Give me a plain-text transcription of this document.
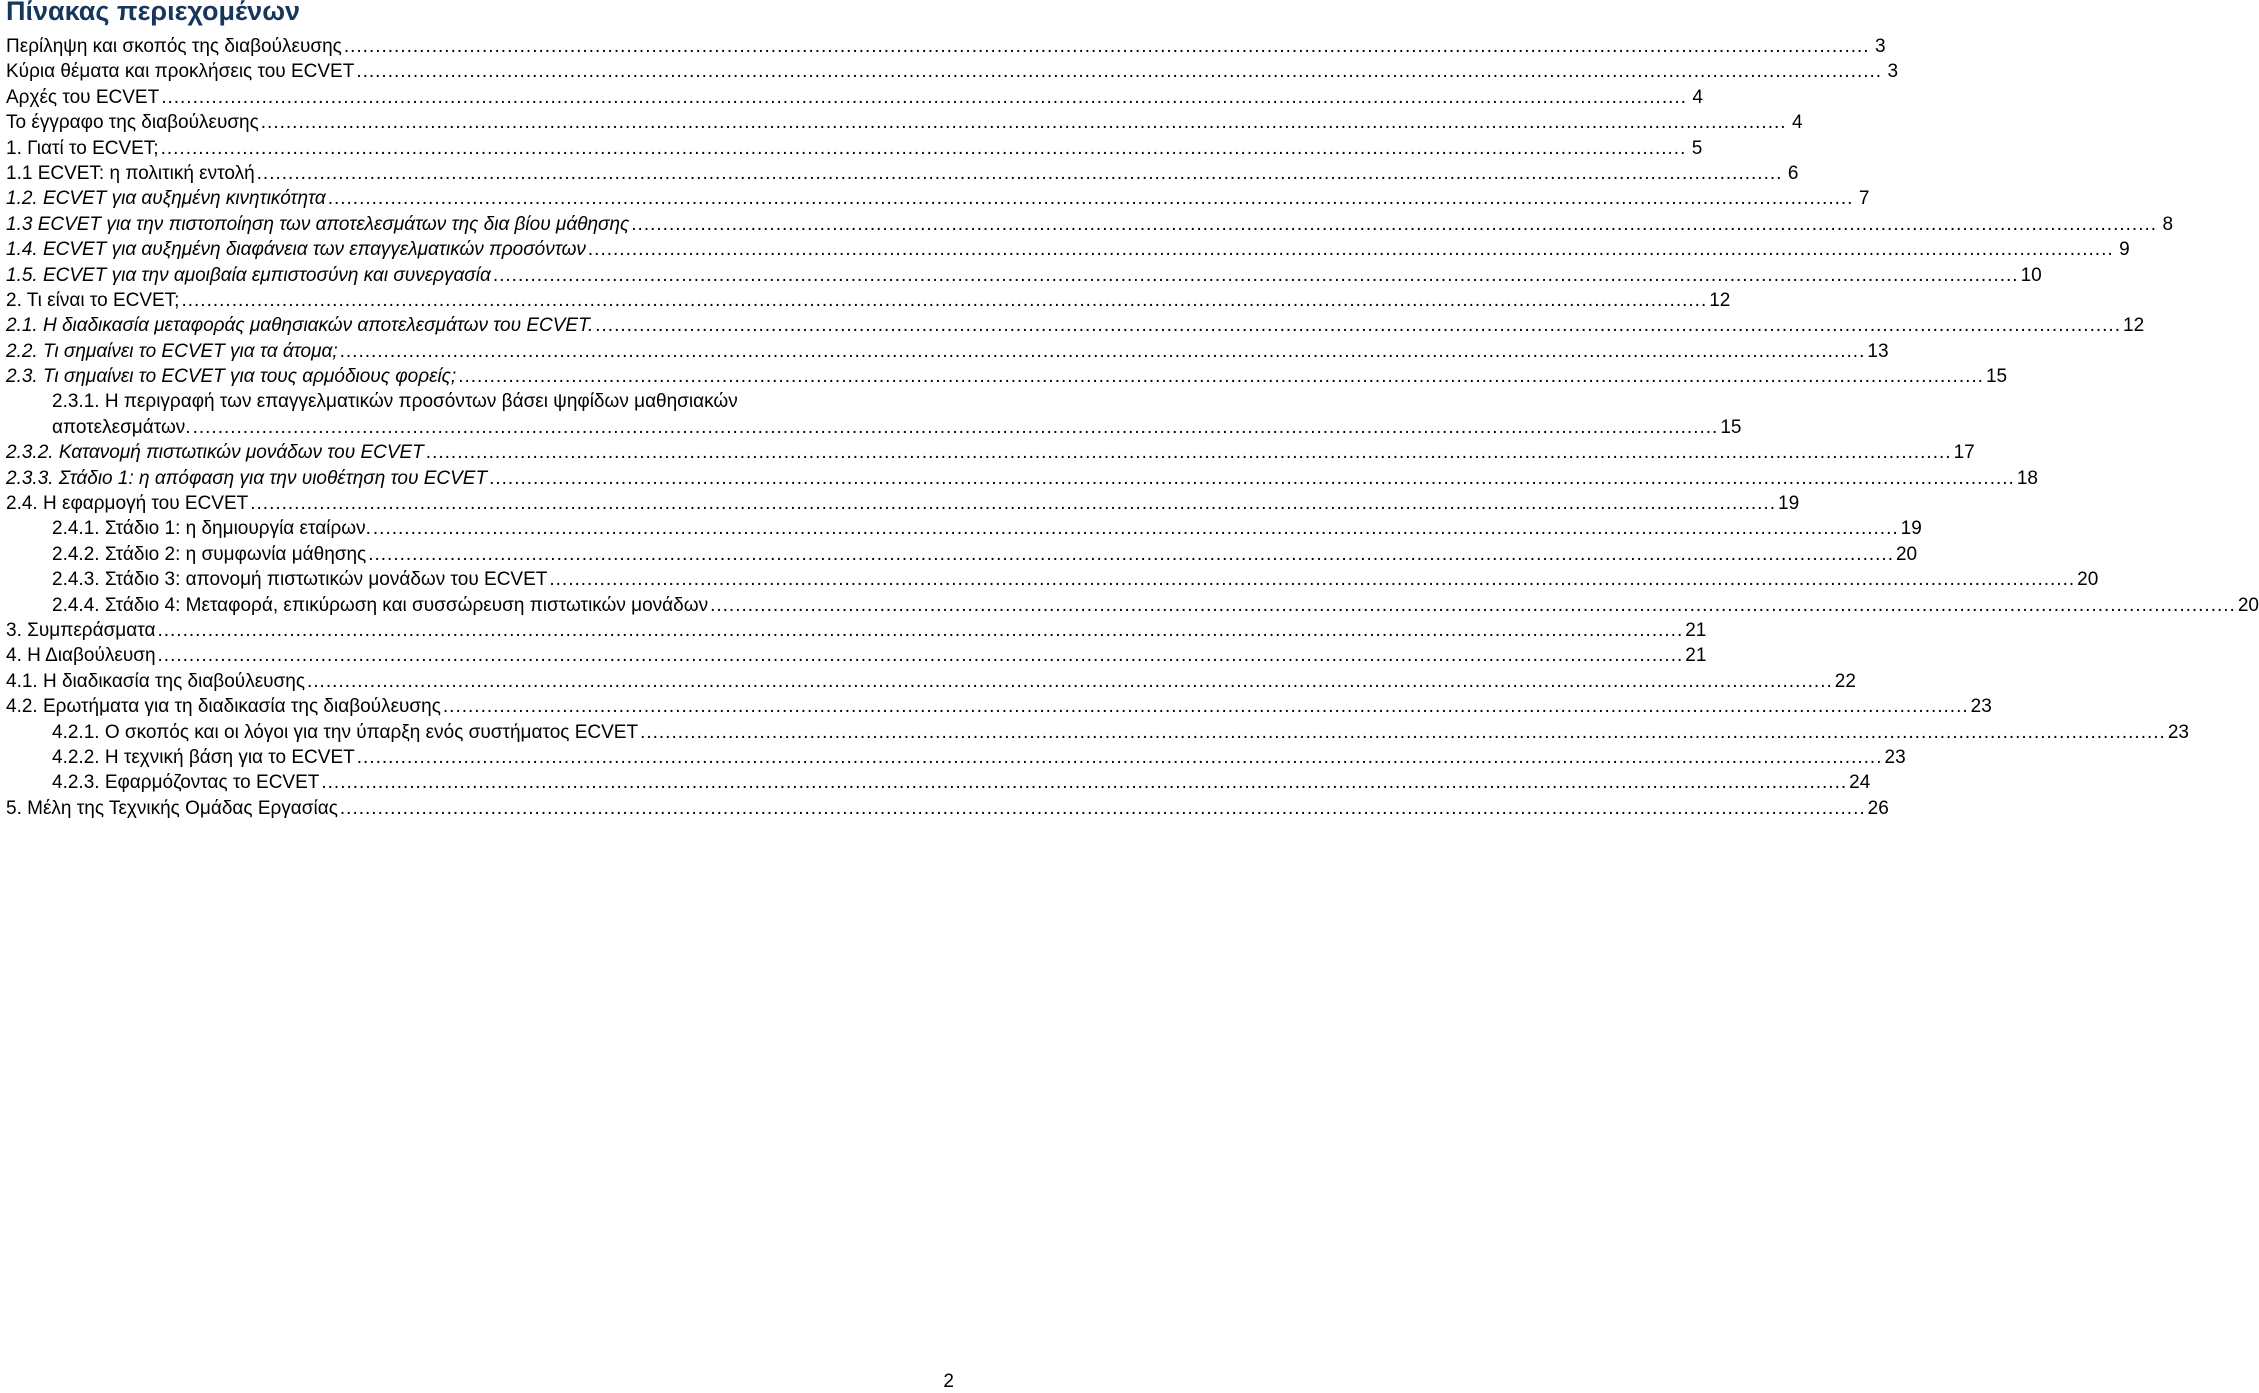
Πίνακας περιεχομένων
Περίληψη και σκοπός της διαβούλευσης ................................................................................................................................................................................................................................................... 3
Κύρια θέματα και προκλήσεις του ECVET ................................................................................................................................................................................................................................................... 3
Αρχές του ECVET ................................................................................................................................................................................................................................................... 4
Το έγγραφο της διαβούλευσης ................................................................................................................................................................................................................................................... 4
1. Γιατί το ECVET; ................................................................................................................................................................................................................................................... 5
1.1 ECVET: η πολιτική εντολή ................................................................................................................................................................................................................................................... 6
1.2. ECVET για αυξημένη κινητικότητα ................................................................................................................................................................................................................................................... 7
1.3 ECVET για την πιστοποίηση των αποτελεσμάτων της δια βίου μάθησης ................................................................................................................................................................................................................................................... 8
1.4. ECVET για αυξημένη διαφάνεια των επαγγελματικών προσόντων ................................................................................................................................................................................................................................................... 9
1.5. ECVET για την αμοιβαία εμπιστοσύνη και συνεργασία ................................................................................................................................................................................................................................................... 10
2. Τι είναι το ECVET; ................................................................................................................................................................................................................................................... 12
2.1. Η διαδικασία μεταφοράς μαθησιακών αποτελεσμάτων του ECVET. ................................................................................................................................................................................................................................................... 12
2.2. Τι σημαίνει το ECVET για τα άτομα; ................................................................................................................................................................................................................................................... 13
2.3. Τι σημαίνει το ECVET για τους αρμόδιους φορείς; ................................................................................................................................................................................................................................................... 15
2.3.1. Η περιγραφή των επαγγελματικών προσόντων βάσει ψηφίδων μαθησιακών
αποτελεσμάτων. ................................................................................................................................................................................................................................................... 15
2.3.2. Κατανομή πιστωτικών μονάδων του ECVET ................................................................................................................................................................................................................................................... 17
2.3.3. Στάδιο 1: η απόφαση για την υιοθέτηση του ECVET ................................................................................................................................................................................................................................................... 18
2.4. Η εφαρμογή του ECVET ................................................................................................................................................................................................................................................... 19
2.4.1. Στάδιο 1: η δημιουργία εταίρων. ................................................................................................................................................................................................................................................... 19
2.4.2. Στάδιο 2: η συμφωνία μάθησης ................................................................................................................................................................................................................................................... 20
2.4.3. Στάδιο 3: απονομή πιστωτικών μονάδων του ECVET ................................................................................................................................................................................................................................................... 20
2.4.4. Στάδιο 4: Μεταφορά, επικύρωση και συσσώρευση πιστωτικών μονάδων ................................................................................................................................................................................................................................................... 20
3. Συμπεράσματα ................................................................................................................................................................................................................................................... 21
4. Η Διαβούλευση ................................................................................................................................................................................................................................................... 21
4.1. Η διαδικασία της διαβούλευσης ................................................................................................................................................................................................................................................... 22
4.2. Ερωτήματα για τη διαδικασία της διαβούλευσης ................................................................................................................................................................................................................................................... 23
4.2.1. Ο σκοπός και οι λόγοι για την ύπαρξη ενός συστήματος ECVET ................................................................................................................................................................................................................................................... 23
4.2.2. Η τεχνική βάση για το ECVET ................................................................................................................................................................................................................................................... 23
4.2.3. Εφαρμόζοντας το ECVET ................................................................................................................................................................................................................................................... 24
5. Μέλη της Τεχνικής Ομάδας Εργασίας ................................................................................................................................................................................................................................................... 26
2
